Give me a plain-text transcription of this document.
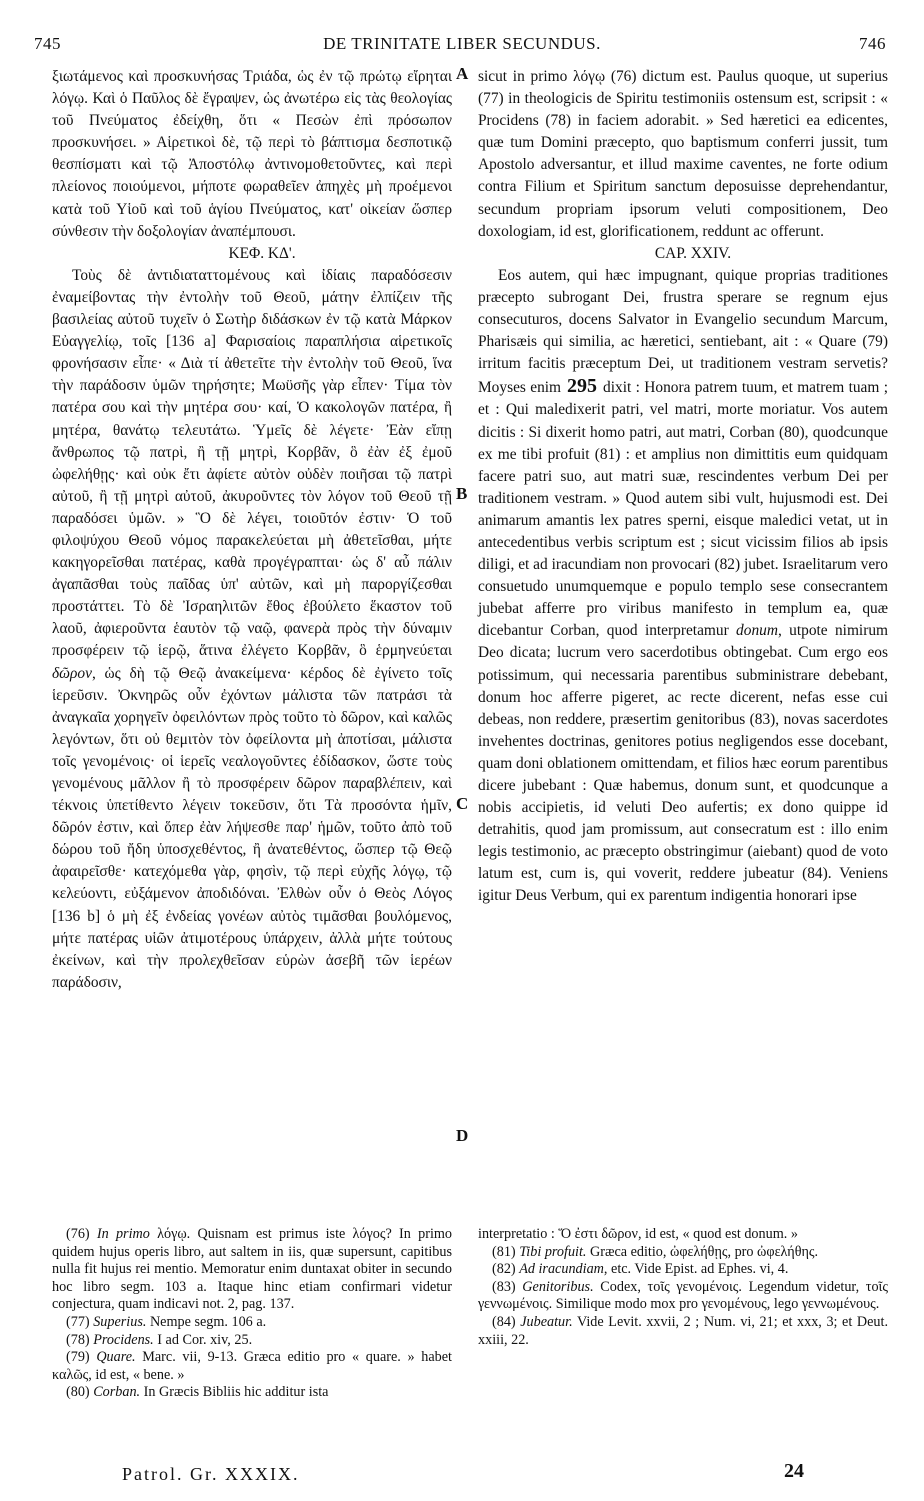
745	DE TRINITATE LIBER SECUNDUS.	746
A
B
C
D

ξιωτάμενος καὶ προσκυνήσας Τριάδα, ὡς ἐν τῷ πρώτῳ εἴρηται λόγῳ. Καὶ ὁ Παῦλος δὲ ἔγραψεν, ὡς ἀνωτέρω εἰς τὰς θεολογίας τοῦ Πνεύματος ἐδείχθη, ὅτι « Πεσὼν ἐπὶ πρόσωπον προσκυνήσει. » Αἱρετικοὶ δὲ, τῷ περὶ τὸ βάπτισμα δεσποτικῷ θεσπίσματι καὶ τῷ Ἀποστόλῳ ἀντινομοθετοῦντες, καὶ περὶ πλείονος ποιούμενοι, μήποτε φωραθεῖεν ἀπηχὲς μὴ προέμενοι κατὰ τοῦ Υἱοῦ καὶ τοῦ ἁγίου Πνεύματος, κατ' οἰκείαν ὥσπερ σύνθεσιν τὴν δοξολογίαν ἀναπέμπουσι.

ΚΕΦ. ΚΔ'.

Τοὺς δὲ ἀντιδιαταττομένους καὶ ἰδίαις παραδόσεσιν ἐναμείβοντας τὴν ἐντολὴν τοῦ Θεοῦ, μάτην ἐλπίζειν τῆς βασιλείας αὐτοῦ τυχεῖν ὁ Σωτὴρ διδάσκων ἐν τῷ κατὰ Μάρκον Εὐαγγελίῳ, τοῖς [136 a] Φαρισαίοις παραπλήσια αἱρετικοῖς φρονήσασιν εἶπε· « Διὰ τί ἀθετεῖτε τὴν ἐντολὴν τοῦ Θεοῦ, ἵνα τὴν παράδοσιν ὑμῶν τηρήσητε; Μωϋσῆς γὰρ εἶπεν· Τίμα τὸν πατέρα σου καὶ τὴν μητέρα σου· καί, Ὁ κακολογῶν πατέρα, ἢ μητέρα, θανάτῳ τελευτάτω. Ὑμεῖς δὲ λέγετε· Ἐὰν εἴπῃ ἄνθρωπος τῷ πατρὶ, ἢ τῇ μητρὶ, Κορβᾶν, ὃ ἐὰν ἐξ ἐμοῦ ὠφελήθῃς· καὶ οὐκ ἔτι ἀφίετε αὐτὸν οὐδὲν ποιῆσαι τῷ πατρὶ αὐτοῦ, ἢ τῇ μητρὶ αὐτοῦ, ἀκυροῦντες τὸν λόγον τοῦ Θεοῦ τῇ παραδόσει ὑμῶν. » Ὃ δὲ λέγει, τοιοῦτόν ἐστιν· Ὁ τοῦ φιλοψύχου Θεοῦ νόμος παρακελεύεται μὴ ἀθετεῖσθαι, μήτε κακηγορεῖσθαι πατέρας, καθὰ προγέγραπται· ὡς δ' αὖ πάλιν ἀγαπᾶσθαι τοὺς παῖδας ὑπ' αὐτῶν, καὶ μὴ παροργίζεσθαι προστάττει. Τὸ δὲ Ἰσραηλιτῶν ἔθος ἐβούλετο ἕκαστον τοῦ λαοῦ, ἀφιεροῦντα ἑαυτὸν τῷ ναῷ, φανερὰ πρὸς τὴν δύναμιν προσφέρειν τῷ ἱερῷ, ἅτινα ἐλέγετο Κορβᾶν, ὃ ἑρμηνεύεται δῶρον, ὡς δὴ τῷ Θεῷ ἀνακείμενα· κέρδος δὲ ἐγίνετο τοῖς ἱερεῦσιν. Ὀκνηρῶς οὖν ἐχόντων μάλιστα τῶν πατράσι τὰ ἀναγκαῖα χορηγεῖν ὀφειλόντων πρὸς τοῦτο τὸ δῶρον, καὶ καλῶς λεγόντων, ὅτι οὐ θεμιτὸν τὸν ὀφείλοντα μὴ ἀποτίσαι, μάλιστα τοῖς γενομένοις· οἱ ἱερεῖς νεαλογοῦντες ἐδίδασκον, ὥστε τοὺς γενομένους μᾶλλον ἢ τὸ προσφέρειν δῶρον παραβλέπειν, καὶ τέκνοις ὑπετίθεντο λέγειν τοκεῦσιν, ὅτι Τὰ προσόντα ἡμῖν, δῶρόν ἐστιν, καὶ ὅπερ ἐὰν λήψεσθε παρ' ἡμῶν, τοῦτο ἀπὸ τοῦ δώρου τοῦ ἤδη ὑποσχεθέντος, ἢ ἀνατεθέντος, ὥσπερ τῷ Θεῷ ἀφαιρεῖσθε· κατεχόμεθα γὰρ, φησὶν, τῷ περὶ εὐχῆς λόγῳ, τῷ κελεύοντι, εὐξάμενον ἀποδιδόναι. Ἐλθὼν οὖν ὁ Θεὸς Λόγος [136 b] ὁ μὴ ἐξ ἐνδείας γονέων αὐτὸς τιμᾶσθαι βουλόμενος, μήτε πατέρας υἱῶν ἀτιμοτέρους ὑπάρχειν, ἀλλὰ μήτε τούτους ἐκείνων, καὶ τὴν προλεχθεῖσαν εὑρὼν ἀσεβῆ τῶν ἱερέων παράδοσιν,

sicut in primo λόγῳ (76) dictum est. Paulus quoque, ut superius (77) in theologicis de Spiritu testimoniis ostensum est, scripsit : « Procidens (78) in faciem adorabit. » Sed hæretici ea edicentes, quæ tum Domini præcepto, quo baptismum conferri jussit, tum Apostolo adversantur, et illud maxime caventes, ne forte odium contra Filium et Spiritum sanctum deposuisse deprehendantur, secundum propriam ipsorum veluti compositionem, Deo doxologiam, id est, glorificationem, reddunt ac offerunt.

CAP. XXIV.

Eos autem, qui hæc impugnant, quique proprias traditiones præcepto subrogant Dei, frustra sperare se regnum ejus consecuturos, docens Salvator in Evangelio secundum Marcum, Pharisæis qui similia, ac hæretici, sentiebant, ait : « Quare (79) irritum facitis præceptum Dei, ut traditionem vestram servetis? Moyses enim 295 dixit : Honora patrem tuum, et matrem tuam ; et : Qui maledixerit patri, vel matri, morte moriatur. Vos autem dicitis : Si dixerit homo patri, aut matri, Corban (80), quodcunque ex me tibi profuit (81) : et amplius non dimittitis eum quidquam facere patri suo, aut matri suæ, rescindentes verbum Dei per traditionem vestram. » Quod autem sibi vult, hujusmodi est. Dei animarum amantis lex patres sperni, eisque maledici vetat, ut in antecedentibus verbis scriptum est ; sicut vicissim filios ab ipsis diligi, et ad iracundiam non provocari (82) jubet. Israelitarum vero consuetudo unumquemque e populo templo sese consecrantem jubebat afferre pro viribus manifesto in templum ea, quæ dicebantur Corban, quod interpretamur donum, utpote nimirum Deo dicata; lucrum vero sacerdotibus obtingebat. Cum ergo eos potissimum, qui necessaria parentibus subministrare debebant, donum hoc afferre pigeret, ac recte dicerent, nefas esse cui debeas, non reddere, præsertim genitoribus (83), novas sacerdotes invehentes doctrinas, genitores potius negligendos esse docebant, quam doni oblationem omittendam, et filios hæc eorum parentibus dicere jubebant : Quæ habemus, donum sunt, et quodcunque a nobis accipietis, id veluti Deo aufertis; ex dono quippe id detrahitis, quod jam promissum, aut consecratum est : illo enim legis testimonio, ac præcepto obstringimur (aiebant) quod de voto latum est, cum is, qui voverit, reddere jubeatur (84). Veniens igitur Deus Verbum, qui ex parentum indigentia honorari ipse

(76) In primo λόγῳ. Quisnam est primus iste λόγος? In primo quidem hujus operis libro, aut saltem in iis, quæ supersunt, capitibus nulla fit hujus rei mentio. Memoratur enim duntaxat obiter in secundo hoc libro segm. 103 a. Itaque hinc etiam confirmari videtur conjectura, quam indicavi not. 2, pag. 137.

(77) Superius. Nempe segm. 106 a.

(78) Procidens. I ad Cor. xiv, 25.

(79) Quare. Marc. vii, 9-13. Græca editio pro « quare. » habet καλῶς, id est, « bene. »

(80) Corban. In Græcis Bibliis hic additur ista

interpretatio : Ὅ ἐστι δῶρον, id est, « quod est donum. »

(81) Tibi profuit. Græca editio, ὠφελήθῃς, pro ὠφελήθης.

(82) Ad iracundiam, etc. Vide Epist. ad Ephes. vi, 4.

(83) Genitoribus. Codex, τοῖς γενομένοις. Legendum videtur, τοῖς γεννωμένοις. Similique modo mox pro γενομένους, lego γεννωμένους.

(84) Jubeatur. Vide Levit. xxvii, 2 ; Num. vi, 21; et xxx, 3; et Deut. xxiii, 22.

Patrol. Gr. XXXIX.	24
